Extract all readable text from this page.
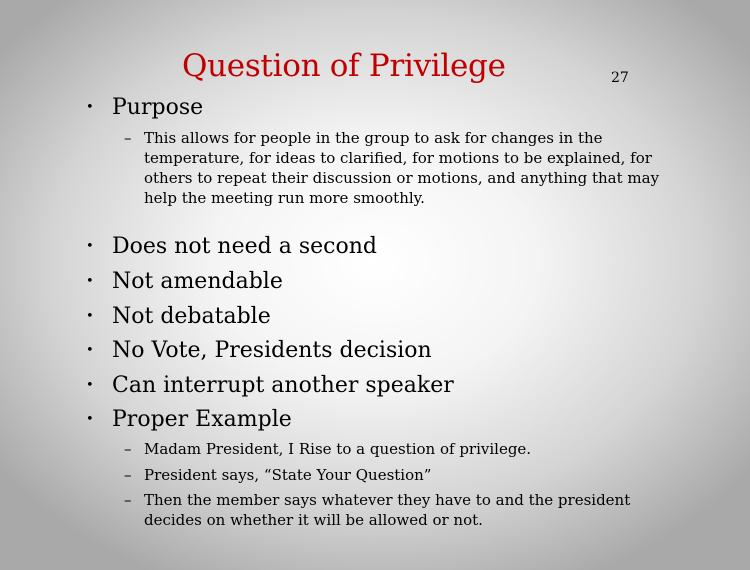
Question of Privilege	27
• Purpose
– This allows for people in the group to ask for changes in the temperature, for ideas to clarified, for motions to be explained, for others to repeat their discussion or motions, and anything that may help the meeting run more smoothly.
• Does not need a second
• Not amendable
• Not debatable
• No Vote, Presidents decision
• Can interrupt another speaker
• Proper Example
– Madam President, I Rise to a question of privilege.
– President says, “State Your Question”
– Then the member says whatever they have to and the president decides on whether it will be allowed or not.
